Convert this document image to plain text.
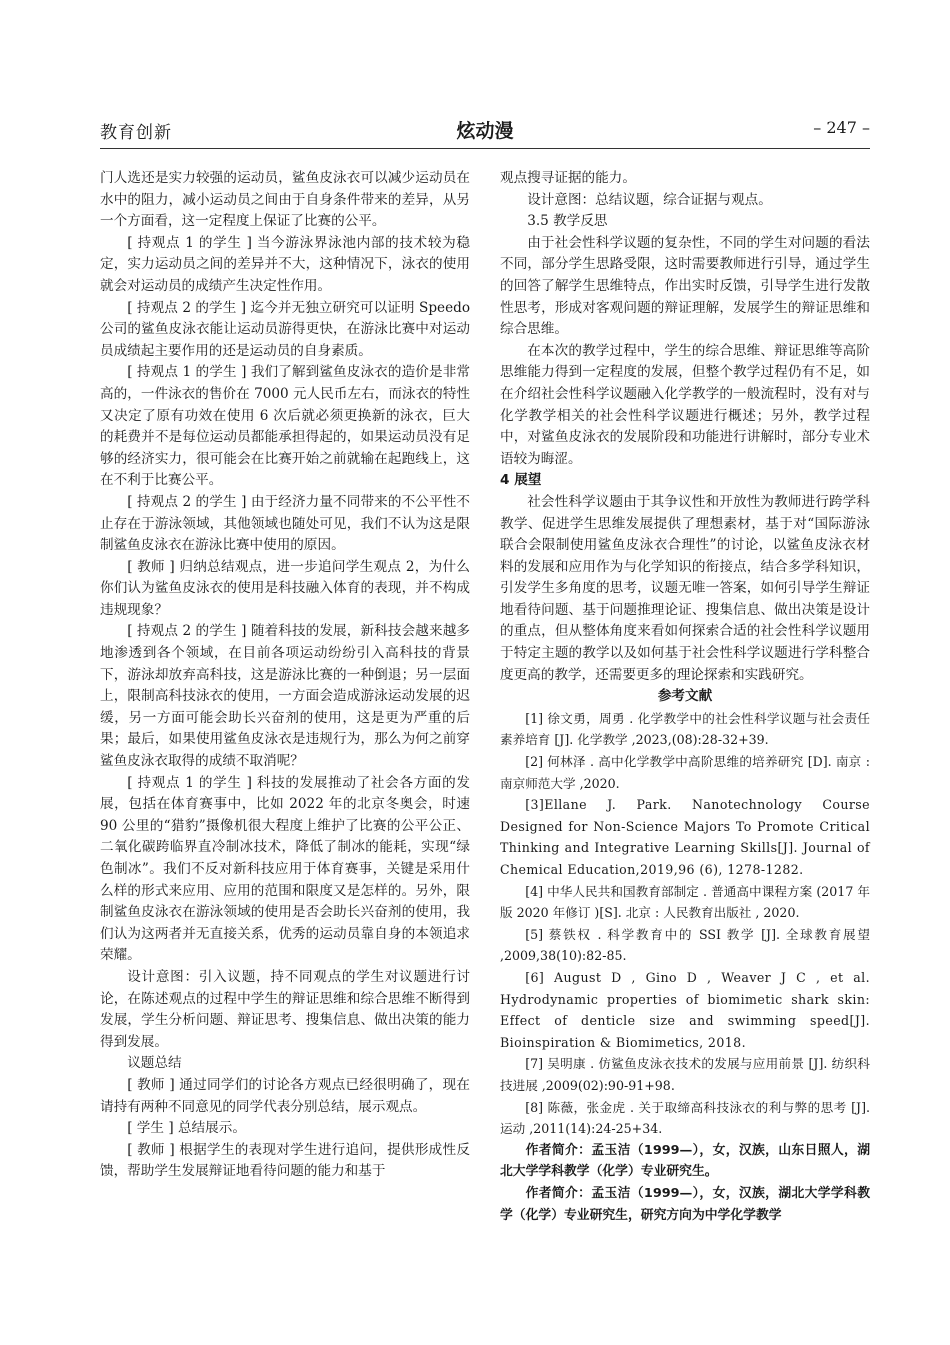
教育创新	炫动漫	– 247 –

门人选还是实力较强的运动员，鲨鱼皮泳衣可以减少运动员在水中的阻力，减小运动员之间由于自身条件带来的差异，从另一个方面看，这一定程度上保证了比赛的公平。

[ 持观点 1 的学生 ] 当今游泳界泳池内部的技术较为稳定，实力运动员之间的差异并不大，这种情况下，泳衣的使用就会对运动员的成绩产生决定性作用。

[ 持观点 2 的学生 ] 迄今并无独立研究可以证明 Speedo 公司的鲨鱼皮泳衣能让运动员游得更快，在游泳比赛中对运动员成绩起主要作用的还是运动员的自身素质。

[ 持观点 1 的学生 ] 我们了解到鲨鱼皮泳衣的造价是非常高的，一件泳衣的售价在 7000 元人民币左右，而泳衣的特性又决定了原有功效在使用 6 次后就必须更换新的泳衣，巨大的耗费并不是每位运动员都能承担得起的，如果运动员没有足够的经济实力，很可能会在比赛开始之前就输在起跑线上，这在不利于比赛公平。

[ 持观点 2 的学生 ] 由于经济力量不同带来的不公平性不止存在于游泳领域，其他领域也随处可见，我们不认为这是限制鲨鱼皮泳衣在游泳比赛中使用的原因。

[ 教师 ] 归纳总结观点，进一步追问学生观点 2，为什么你们认为鲨鱼皮泳衣的使用是科技融入体育的表现，并不构成违规现象？

[ 持观点 2 的学生 ] 随着科技的发展，新科技会越来越多地渗透到各个领域，在目前各项运动纷纷引入高科技的背景下，游泳却放弃高科技，这是游泳比赛的一种倒退；另一层面上，限制高科技泳衣的使用，一方面会造成游泳运动发展的迟缓，另一方面可能会助长兴奋剂的使用，这是更为严重的后果；最后，如果使用鲨鱼皮泳衣是违规行为，那么为何之前穿鲨鱼皮泳衣取得的成绩不取消呢？

[ 持观点 1 的学生 ] 科技的发展推动了社会各方面的发展，包括在体育赛事中，比如 2022 年的北京冬奥会，时速 90 公里的“猎豹”摄像机很大程度上维护了比赛的公平公正、二氧化碳跨临界直冷制冰技术，降低了制冰的能耗，实现“绿色制冰”。我们不反对新科技应用于体育赛事，关键是采用什么样的形式来应用、应用的范围和限度又是怎样的。另外，限制鲨鱼皮泳衣在游泳领域的使用是否会助长兴奋剂的使用，我们认为这两者并无直接关系，优秀的运动员靠自身的本领追求荣耀。

设计意图：引入议题，持不同观点的学生对议题进行讨论，在陈述观点的过程中学生的辩证思维和综合思维不断得到发展，学生分析问题、辩证思考、搜集信息、做出决策的能力得到发展。

议题总结

[ 教师 ] 通过同学们的讨论各方观点已经很明确了，现在请持有两种不同意见的同学代表分别总结，展示观点。

[ 学生 ] 总结展示。

[ 教师 ] 根据学生的表现对学生进行追问，提供形成性反馈，帮助学生发展辩证地看待问题的能力和基于

观点搜寻证据的能力。

设计意图：总结议题，综合证据与观点。

3.5 教学反思

由于社会性科学议题的复杂性，不同的学生对问题的看法不同，部分学生思路受限，这时需要教师进行引导，通过学生的回答了解学生思维特点，作出实时反馈，引导学生进行发散性思考，形成对客观问题的辩证理解，发展学生的辩证思维和综合思维。

在本次的教学过程中，学生的综合思维、辩证思维等高阶思维能力得到一定程度的发展，但整个教学过程仍有不足，如在介绍社会性科学议题融入化学教学的一般流程时，没有对与化学教学相关的社会性科学议题进行概述；另外，教学过程中，对鲨鱼皮泳衣的发展阶段和功能进行讲解时，部分专业术语较为晦涩。

4 展望

社会性科学议题由于其争议性和开放性为教师进行跨学科教学、促进学生思维发展提供了理想素材，基于对“国际游泳联合会限制使用鲨鱼皮泳衣合理性”的讨论，以鲨鱼皮泳衣材料的发展和应用作为与化学知识的衔接点，结合多学科知识，引发学生多角度的思考，议题无唯一答案，如何引导学生辩证地看待问题、基于问题推理论证、搜集信息、做出决策是设计的重点，但从整体角度来看如何探索合适的社会性科学议题用于特定主题的教学以及如何基于社会性科学议题进行学科整合度更高的教学，还需要更多的理论探索和实践研究。

参考文献

[1] 徐文勇，周勇 . 化学教学中的社会性科学议题与社会责任素养培育 [J]. 化学教学 ,2023,(08):28-32+39.

[2] 何林泽 . 高中化学教学中高阶思维的培养研究 [D]. 南京 : 南京师范大学 ,2020.

[3]Ellane J. Park. Nanotechnology Course Designed for Non-Science Majors To Promote Critical Thinking and Integrative Learning Skills[J]. Journal of Chemical Education,2019,96 (6), 1278-1282.

[4] 中华人民共和国教育部制定 . 普通高中课程方案 (2017 年版 2020 年修订 )[S]. 北京 : 人民教育出版社 , 2020.

[5] 蔡铁权 . 科学教育中的 SSI 教学 [J]. 全球教育展望 ,2009,38(10):82-85.

[6] August D , Gino D , Weaver J C , et al. Hydrodynamic properties of biomimetic shark skin: Effect of denticle size and swimming speed[J]. Bioinspiration & Biomimetics, 2018.

[7] 吴明康 . 仿鲨鱼皮泳衣技术的发展与应用前景 [J]. 纺织科技进展 ,2009(02):90-91+98.

[8] 陈薇，张金虎 . 关于取缔高科技泳衣的利与弊的思考 [J]. 运动 ,2011(14):24-25+34.

作者简介：孟玉洁（1999—），女，汉族，山东日照人，湖北大学学科教学（化学）专业研究生。

作者简介：孟玉洁（1999—），女，汉族，湖北大学学科教学（化学）专业研究生，研究方向为中学化学教学
